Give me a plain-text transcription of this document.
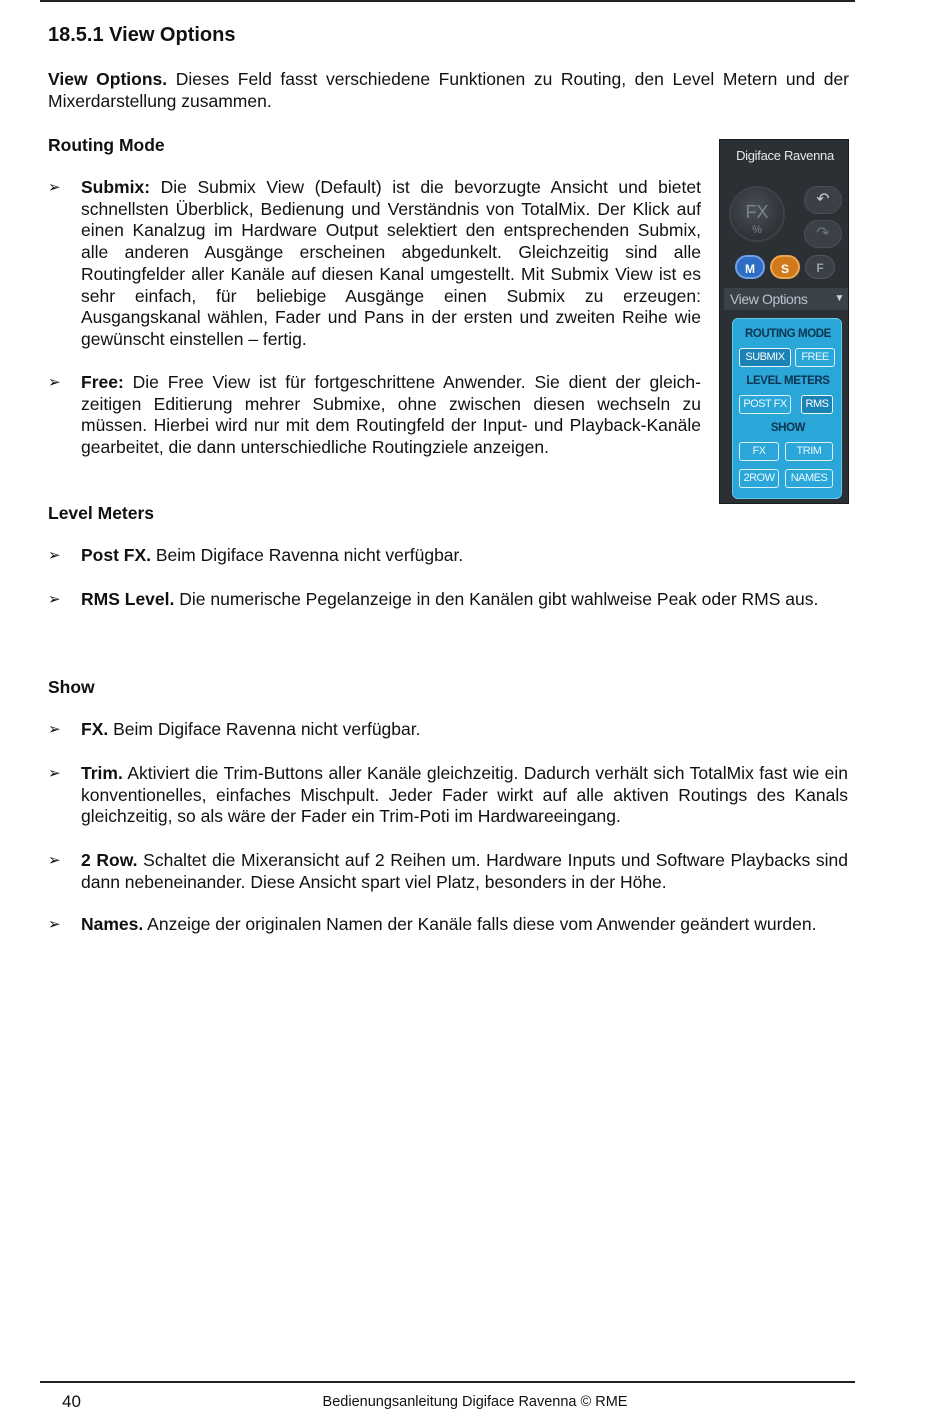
18.5.1 View Options

View Options. Dieses Feld fasst verschiedene Funktionen zu Routing, den Level Metern und der Mixerdarstellung zusammen.

Routing Mode
➢ Submix: Die Submix View (Default) ist die bevorzugte Ansicht und bietet schnellsten Überblick, Bedienung und Verständnis von TotalMix. Der Klick auf einen Kanalzug im Hardware Output selektiert den entsprechenden Submix, alle anderen Ausgänge erscheinen abgedunkelt. Gleichzeitig sind alle Routingfelder aller Kanäle auf diesen Kanal umgestellt. Mit Submix View ist es sehr einfach, für beliebige Ausgänge einen Submix zu erzeugen: Ausgangskanal wählen, Fader und Pans in der ersten und zweiten Reihe wie gewünscht einstellen – fertig.

➢ Free: Die Free View ist für fortgeschrittene Anwender. Sie dient der gleichzeitigen Editierung mehrer Submixe, ohne zwischen diesen wechseln zu müssen. Hierbei wird nur mit dem Routingfeld der Input- und Playback-Kanäle gearbeitet, die dann unterschiedliche Routingziele anzeigen.

Digiface Ravenna
FX
%
↶
↷
M	S	F
View Options	▼
ROUTING MODE
SUBMIX	FREE
LEVEL METERS
POST FX	RMS
SHOW
FX	TRIM
2ROW	NAMES
Level Meters
➢ Post FX. Beim Digiface Ravenna nicht verfügbar.

➢ RMS Level. Die numerische Pegelanzeige in den Kanälen gibt wahlweise Peak oder RMS aus.

Show
➢ FX. Beim Digiface Ravenna nicht verfügbar.

➢ Trim. Aktiviert die Trim-Buttons aller Kanäle gleichzeitig. Dadurch verhält sich TotalMix fast wie ein konventionelles, einfaches Mischpult. Jeder Fader wirkt auf alle aktiven Routings des Kanals gleichzeitig, so als wäre der Fader ein Trim-Poti im Hardwareeingang.

➢ 2 Row. Schaltet die Mixeransicht auf 2 Reihen um. Hardware Inputs und Software Playbacks sind dann nebeneinander. Diese Ansicht spart viel Platz, besonders in der Höhe.

➢ Names. Anzeige der originalen Namen der Kanäle falls diese vom Anwender geändert wurden.

40	Bedienungsanleitung Digiface Ravenna © RME
